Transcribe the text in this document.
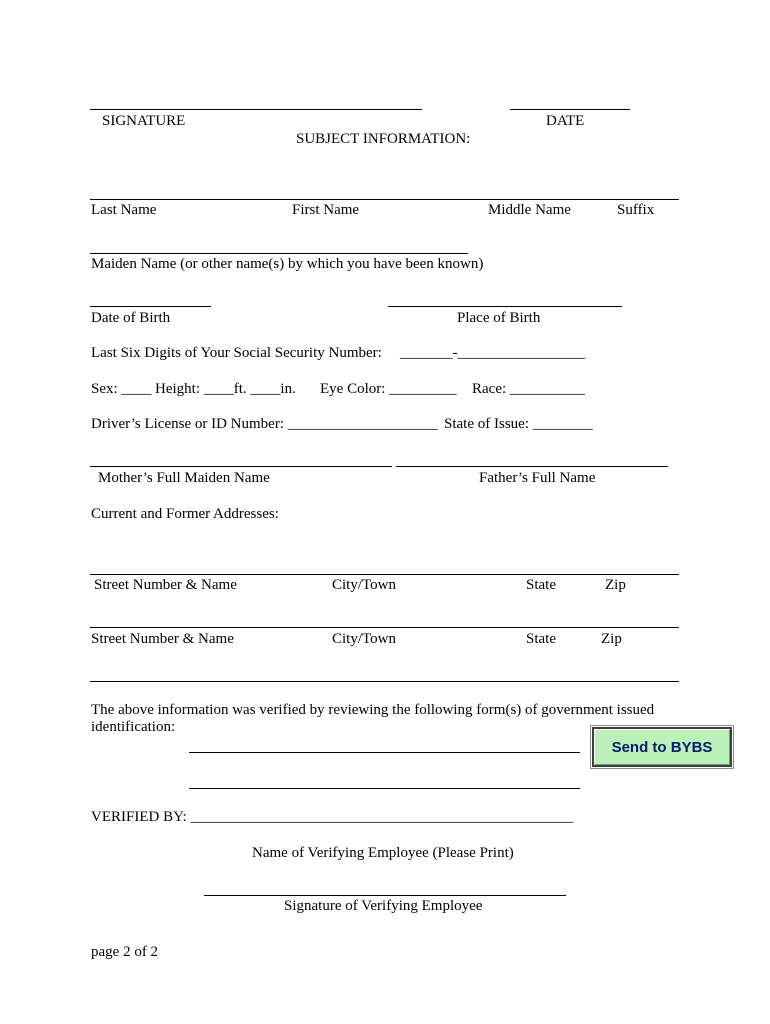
SIGNATURE	DATE
SUBJECT INFORMATION:
Last Name	First Name	Middle Name	Suffix
Maiden Name (or other name(s) by which you have been known)
Date of Birth	Place of Birth
Last Six Digits of Your Social Security Number: _______-_________________
Sex: ____ Height: ____ft. ____in. Eye Color: _________ Race: __________
Driver’s License or ID Number: ____________________ State of Issue: ________
Mother’s Full Maiden Name	Father’s Full Name
Current and Former Addresses:
Street Number & Name	City/Town	State	Zip
Street Number & Name	City/Town	State	Zip
The above information was verified by reviewing the following form(s) of government issued
identification:
Send to BYBS
VERIFIED BY: ___________________________________________________
Name of Verifying Employee (Please Print)
Signature of Verifying Employee
page 2 of 2
